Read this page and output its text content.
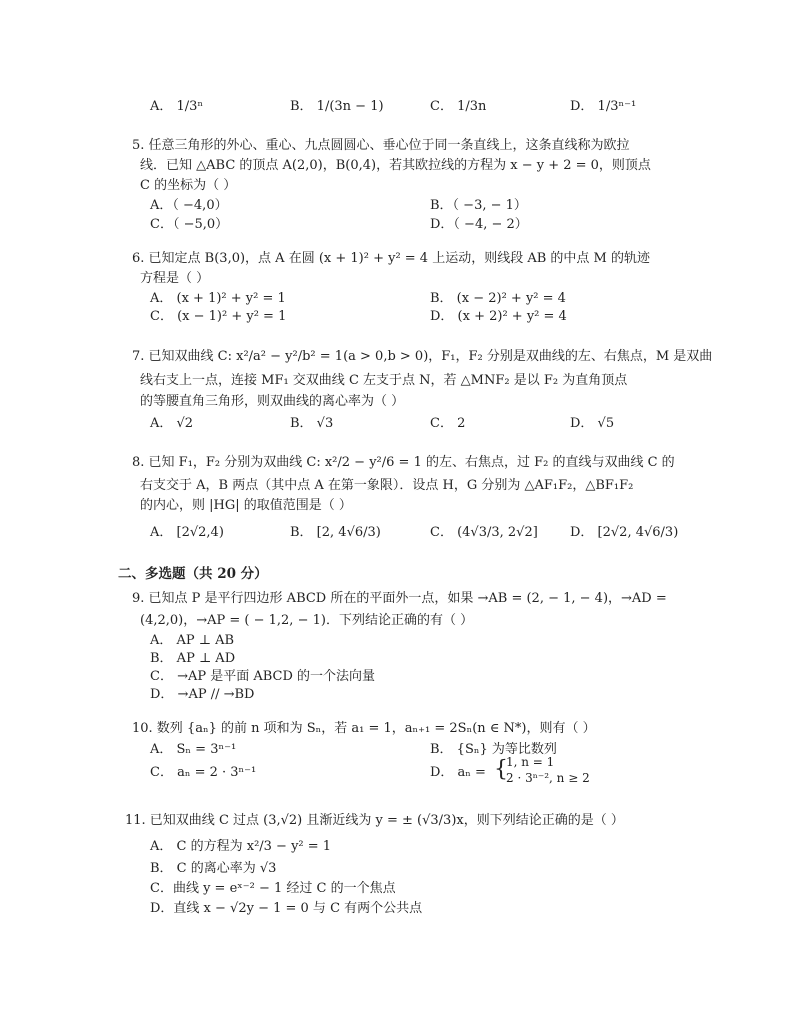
A． 1/3ⁿ	B． 1/(3n − 1)	C． 1/3n	D． 1/3ⁿ⁻¹
5. 任意三角形的外心、重心、九点圆圆心、垂心位于同一条直线上，这条直线称为欧拉
线．已知 △ABC 的顶点 A(2,0)，B(0,4)，若其欧拉线的方程为 x − y + 2 = 0，则顶点
C 的坐标为（ ）
A．（ −4,0）	B．（ −3, − 1）
C．（ −5,0）	D．（ −4, − 2）
6. 已知定点 B(3,0)，点 A 在圆 (x + 1)² + y² = 4 上运动，则线段 AB 的中点 M 的轨迹
方程是（ ）
A． (x + 1)² + y² = 1	B． (x − 2)² + y² = 4
C． (x − 1)² + y² = 1	D． (x + 2)² + y² = 4
7. 已知双曲线 C: x²/a² − y²/b² = 1(a > 0,b > 0)，F₁，F₂ 分别是双曲线的左、右焦点，M 是双曲
线右支上一点，连接 MF₁ 交双曲线 C 左支于点 N，若 △MNF₂ 是以 F₂ 为直角顶点
的等腰直角三角形，则双曲线的离心率为（ ）
A． √2	B． √3	C． 2	D． √5
8. 已知 F₁，F₂ 分别为双曲线 C: x²/2 − y²/6 = 1 的左、右焦点，过 F₂ 的直线与双曲线 C 的
右支交于 A，B 两点（其中点 A 在第一象限）．设点 H，G 分别为 △AF₁F₂，△BF₁F₂
的内心，则 |HG| 的取值范围是（ ）
A． [2√2,4)	B． [2, 4√6/3)	C． (4√3/3, 2√2] D． [2√2, 4√6/3)
二、多选题（共 20 分）
9. 已知点 P 是平行四边形 ABCD 所在的平面外一点，如果 →AB = (2, − 1, − 4)，→AD =
(4,2,0)，→AP = ( − 1,2, − 1)．下列结论正确的有（ ）
A． AP ⊥ AB
B． AP ⊥ AD
C． →AP 是平面 ABCD 的一个法向量
D． →AP // →BD
10. 数列 {aₙ} 的前 n 项和为 Sₙ，若 a₁ = 1，aₙ₊₁ = 2Sₙ(n ∈ N*)，则有（ ）
A． Sₙ = 3ⁿ⁻¹	B． {Sₙ} 为等比数列
C． aₙ = 2 · 3ⁿ⁻¹	D． aₙ = {
1, n = 1
2 · 3ⁿ⁻², n ≥ 2
11. 已知双曲线 C 过点 (3,√2) 且渐近线为 y = ± (√3/3)x，则下列结论正确的是（ ）
A． C 的方程为 x²/3 − y² = 1
B． C 的离心率为 √3
C．曲线 y = eˣ⁻² − 1 经过 C 的一个焦点
D．直线 x − √2y − 1 = 0 与 C 有两个公共点
